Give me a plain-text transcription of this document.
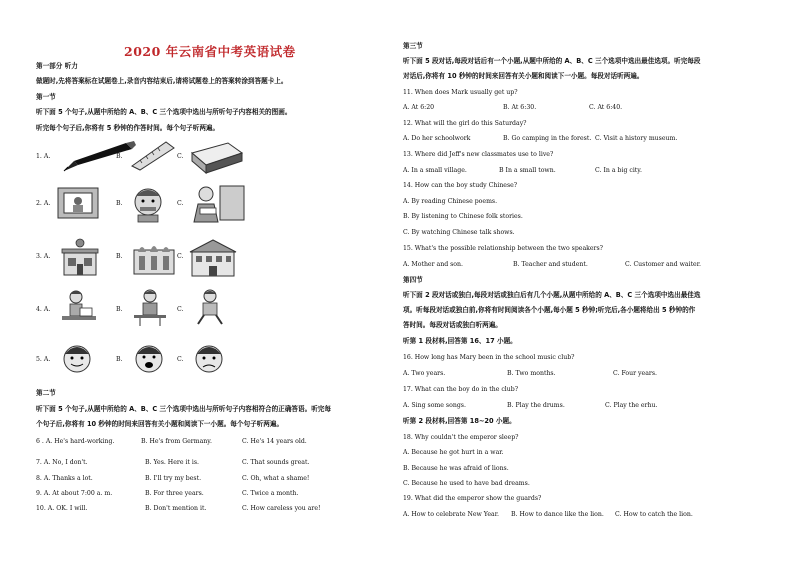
2020 年云南省中考英语试卷
第一部分 听力
做题时,先将答案标在试题卷上,录音内容结束后,请将试题卷上的答案转涂到答题卡上。
第一节
听下面 5 个句子,从题中所给的 A、B、C 三个选项中选出与所听句子内容相关的图画。
听完每个句子后,你将有 5 秒钟的作答时间。每个句子听两遍。
1. A.	B.	C.
2. A.	B.	C.
3. A.	B.	C.
4. A.	B.	C.
5. A.	B.	C.
第二节
听下面 5 个句子,从题中所给的 A、B、C 三个选项中选出与所听句子内容相符合的正确答语。听完每
个句子后,你将有 10 秒钟的时间来回答有关小题和阅读下一小题。每个句子听两遍。
6 . A. He's hard-working.	B. He's from Germany.	C. He's 14 years old.
7. A. No, I don't.	B. Yes. Here it is.	C. That sounds great.
8. A. Thanks a lot.	B. I'll try my best.	C. Oh, what a shame!
9. A. At about 7:00 a. m.	B. For three years.	C. Twice a month.
10. A. OK. I will.	B. Don't mention it.	C. How careless you are!
第三节
听下面 5 段对话,每段对话后有一个小题,从题中所给的 A、B、C 三个选项中选出最佳选项。听完每段
对话后,你将有 10 秒钟的时间来回答有关小题和阅读下一小题。每段对话听两遍。
11. When does Mark usually get up?
A. At 6:20	B. At 6:30.	C. At 6:40.
12. What will the girl do this Saturday?
A. Do her schoolwork	B. Go camping in the forest. C. Visit a history museum.
13. Where did Jeff's new classmates use to live?
A. In a small village.	B In a small town.	C. In a big city.
14. How can the boy study Chinese?
A. By reading Chinese poems.
B. By listening to Chinese folk stories.
C. By watching Chinese talk shows.
15. What's the possible relationship between the two speakers?
A. Mother and son.	B. Teacher and student.	C. Customer and waiter.
第四节
听下面 2 段对话或独白,每段对话或独白后有几个小题,从题中所给的 A、B、C 三个选项中选出最佳选
项。听每段对话或独白前,你将有时间阅读各个小题,每小题 5 秒钟;听完后,各小题将给出 5 秒钟的作
答时间。每段对话或独白听两遍。
听第 1 段材料,回答第 16、17 小题。
16. How long has Mary been in the school music club?
A. Two years.	B. Two months.	C. Four years.
17. What can the boy do in the club?
A. Sing some songs.	B. Play the drums.	C. Play the erhu.
听第 2 段材料,回答第 18~20 小题。
18. Why couldn't the emperor sleep?
A. Because he got hurt in a war.
B. Because he was afraid of lions.
C. Because he used to have bad dreams.
19. What did the emperor show the guards?
A. How to celebrate New Year. B. How to dance like the lion. C. How to catch the lion.
